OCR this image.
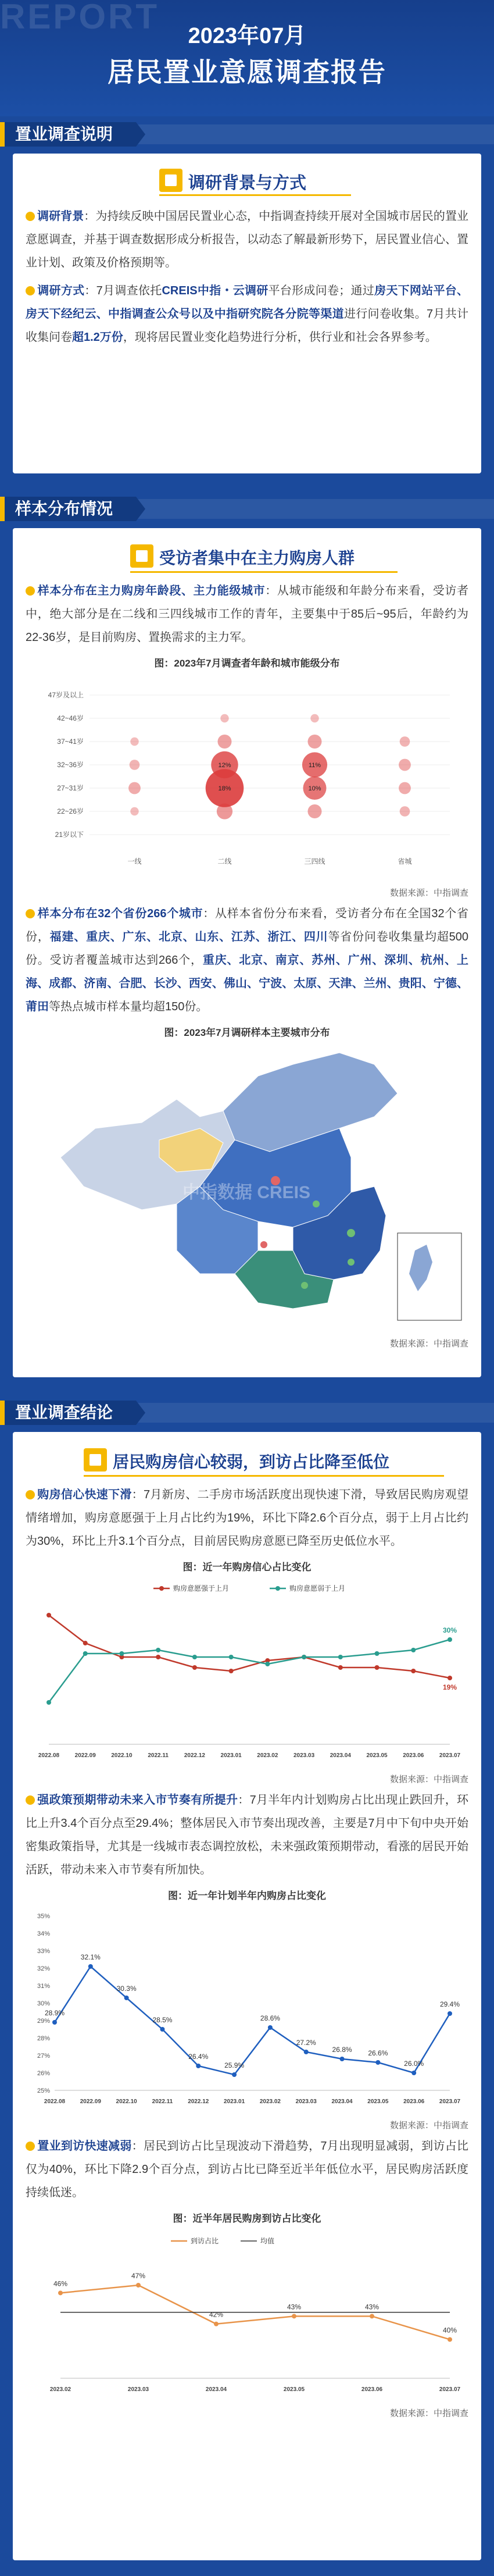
REPORT	2023年07月
居民置业意愿调查报告
置业调查说明
调研背景与方式

调研背景：为持续反映中国居民置业心态，中指调查持续开展对全国城市居民的置业意愿调查，并基于调查数据形成分析报告，以动态了解最新形势下，居民置业信心、置业计划、政策及价格预期等。

调研方式：7月调查依托CREIS中指・云调研平台形成问卷；通过房天下网站平台、房天下经纪云、中指调查公众号以及中指研究院各分院等渠道进行问卷收集。7月共计收集问卷超1.2万份，现将居民置业变化趋势进行分析，供行业和社会各界参考。

样本分布情况
受访者集中在主力购房人群

样本分布在主力购房年龄段、主力能级城市：从城市能级和年龄分布来看，受访者中，绝大部分是在二线和三四线城市工作的青年，主要集中于85后~95后，年龄约为22-36岁，是目前购房、置换需求的主力军。

图：2023年7月调查者年龄和城市能级分布
21岁以下
22~26岁
27~31岁
32~36岁
37~41岁
42~46岁
47岁及以上
一线	二线	三四线	省城
18%
12%
10%
11%
数据来源：中指调查

样本分布在32个省份266个城市：从样本省份分布来看，受访者分布在全国32个省份，福建、重庆、广东、北京、山东、江苏、浙江、四川等省份问卷收集量均超500份。受访者覆盖城市达到266个，重庆、北京、南京、苏州、广州、深圳、杭州、上海、成都、济南、合肥、长沙、西安、佛山、宁波、太原、天津、兰州、贵阳、宁德、莆田等热点城市样本量均超150份。

图：2023年7月调研样本主要城市分布
中指数据 CREIS
数据来源：中指调查
置业调查结论
居民购房信心较弱，到访占比降至低位

购房信心快速下滑：7月新房、二手房市场活跃度出现快速下滑，导致居民购房观望情绪增加，购房意愿强于上月占比约为19%，环比下降2.6个百分点，弱于上月占比约为30%，环比上升3.1个百分点，目前居民购房意愿已降至历史低位水平。

图：近一年购房信心占比变化
2022.08	2022.09	2022.10	2022.11	2022.12	2023.01	2023.02	2023.03	2023.04	2023.05	2023.06	2023.07
19%
30%
购房意愿强于上月	购房意愿弱于上月
数据来源：中指调查

强政策预期带动未来入市节奏有所提升：7月半年内计划购房占比出现止跌回升，环比上升3.4个百分点至29.4%；整体居民入市节奏出现改善，主要是7月中下旬中央开始密集政策指导，尤其是一线城市表态调控放松，未来强政策预期带动，看涨的居民开始活跃，带动未来入市节奏有所加快。

图：近一年计划半年内购房占比变化
25%
26%
27%
28%
29%
30%
31%
32%
33%
34%
35%
2022.08	2022.09	2022.10	2022.11	2022.12	2023.01	2023.02	2023.03	2023.04	2023.05	2023.06	2023.07
28.9%
32.1%
30.3%
28.5%
26.4%
25.9%
28.6%
27.2%
26.8% 26.6%
26.0%
29.4%
数据来源：中指调查

置业到访快速减弱：居民到访占比呈现波动下滑趋势，7月出现明显减弱，到访占比仅为40%，环比下降2.9个百分点，到访占比已降至近半年低位水平，居民购房活跃度持续低迷。

图：近半年居民购房到访占比变化
2023.02	2023.03	2023.04	2023.05	2023.06	2023.07
46%
47%
42%
43%	43%
40%
到访占比	均值
数据来源：中指调查
